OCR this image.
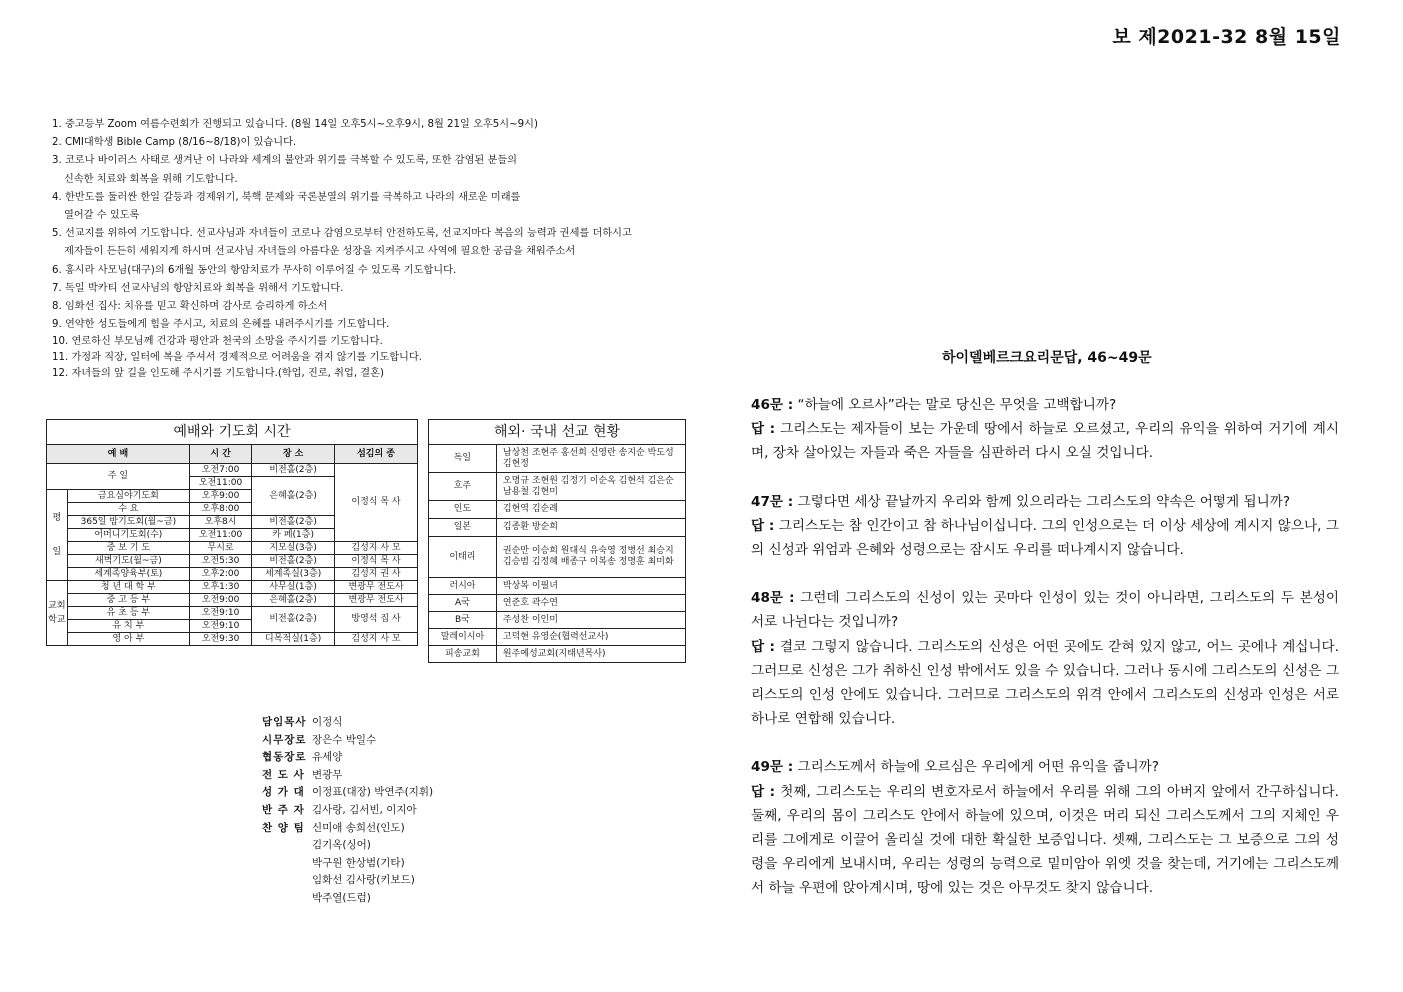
보 제2021-32 8월 15일
1. 중고등부 Zoom 여름수련회가 진행되고 있습니다. (8월 14일 오후5시~오후9시, 8월 21일 오후5시~9시)
2. CMI대학생 Bible Camp (8/16~8/18)이 있습니다.
3. 코로나 바이러스 사태로 생겨난 이 나라와 세계의 불안과 위기를 극복할 수 있도록, 또한 감염된 분들의
신속한 치료와 회복을 위해 기도합니다.
4. 한반도를 둘러싼 한일 갈등과 경제위기, 북핵 문제와 국론분열의 위기를 극복하고 나라의 새로운 미래를
열어갈 수 있도록
5. 선교지를 위하여 기도합니다. 선교사님과 자녀들이 코로나 감염으로부터 안전하도록, 선교지마다 복음의 능력과 권세를 더하시고
제자들이 든든히 세워지게 하시며 선교사님 자녀들의 아름다운 성장을 지켜주시고 사역에 필요한 공급을 채워주소서
6. 홍시라 사모님(대구)의 6개월 동안의 항암치료가 무사히 이루어질 수 있도록 기도합니다.
7. 독일 박카티 선교사님의 항암치료와 회복을 위해서 기도합니다.
8. 임화선 집사: 치유를 믿고 확신하며 감사로 승리하게 하소서
9. 연약한 성도들에게 힘을 주시고, 치료의 은혜를 내려주시기를 기도합니다.
10. 연로하신 부모님께 건강과 평안과 천국의 소망을 주시기를 기도합니다.
11. 가정과 직장, 일터에 복을 주셔서 경제적으로 어려움을 겪지 않기를 기도합니다.
12. 자녀들의 앞 길을 인도해 주시기를 기도합니다.(학업, 진로, 취업, 결혼)
예배와 기도회 시간				
예 배		시 간	장 소	섬김의 종
주 일		오전7:00	비전홀(2층)	이정식 목 사
		오전11:00	은혜홀(2층)	
평 일	금요심야기도회	오후9:00		
	수 요	오후8:00		
	365일 밤기도회(월~금)	오후8시	비전홀(2층)	
	어머니기도회(수)	오전11:00	카 페(1층)	
	중 보 기 도	무시로	지모실(3층)	김성지 사 모
	새벽기도(월~금)	오전5:30	비전홀(2층)	이정식 목 사
	세계족양육부(토)	오후2:00	세계족실(3층)	김성지 권 사
교회학교	청 년 대 학 부	오후1:30	사무실(1층)	변광무 전도사
	중 고 등 부	오전9:00	은혜홀(2층)	변광무 전도사
	유 초 등 부	오전9:10	비전홀(2층)	방영석 집 사
	유 치 부	오전9:10		
	영 아 부	오전9:30	디목적실(1층)	김성지 사 모
해외· 국내 선교 현황	
독일	남상천 조현주 홍선희 신영란 송지순 박도성 김현정
호주	오명규 조현원 김정기 이순옥 김현석 김은순 남용철 김현미
인도	김현역 김순례
일본	김종환 방순희
이태리	권순만 이승희 원대식 유숙영 정병선 최승지 김승범 김정혜 배종구 이복송 정명훈 최미화
러시아	박상복 이필녀
A국	연준호 곽수연
B국	주성찬 이인미
말레이시아	고덕현 유영순(협력선교사)
피송교회	원주예성교회(지태년목사)
담임목사 이정식
시무장로 장은수 박일수
협동장로 유세양
전 도 사 변광무
성 가 대 이정표(대장) 박연주(지휘)
반 주 자 김사랑, 김서빈, 이지아
찬 양 팀 신미애 송희선(인도)
김기옥(싱어)
박구원 한상범(기타)
임화선 김사랑(키보드)
박주열(드럼)
하이델베르크요리문답, 46~49문
46문 : “하늘에 오르사”라는 말로 당신은 무엇을 고백합니까?
답 : 그리스도는 제자들이 보는 가운데 땅에서 하늘로 오르셨고, 우리의 유익을 위하여 거기에 계시며, 장차 살아있는 자들과 죽은 자들을 심판하러 다시 오실 것입니다.
47문 : 그렇다면 세상 끝날까지 우리와 함께 있으리라는 그리스도의 약속은 어떻게 됩니까?
답 : 그리스도는 참 인간이고 참 하나님이십니다. 그의 인성으로는 더 이상 세상에 계시지 않으나, 그의 신성과 위엄과 은혜와 성령으로는 잠시도 우리를 떠나계시지 않습니다.
48문 : 그런데 그리스도의 신성이 있는 곳마다 인성이 있는 것이 아니라면, 그리스도의 두 본성이 서로 나뉜다는 것입니까?
답 : 결코 그렇지 않습니다. 그리스도의 신성은 어떤 곳에도 갇혀 있지 않고, 어느 곳에나 계십니다. 그러므로 신성은 그가 취하신 인성 밖에서도 있을 수 있습니다. 그러나 동시에 그리스도의 신성은 그리스도의 인성 안에도 있습니다. 그러므로 그리스도의 위격 안에서 그리스도의 신성과 인성은 서로 하나로 연합해 있습니다.
49문 : 그리스도께서 하늘에 오르심은 우리에게 어떤 유익을 줍니까?
답 : 첫째, 그리스도는 우리의 변호자로서 하늘에서 우리를 위해 그의 아버지 앞에서 간구하십니다. 둘째, 우리의 몸이 그리스도 안에서 하늘에 있으며, 이것은 머리 되신 그리스도께서 그의 지체인 우리를 그에게로 이끌어 올리실 것에 대한 확실한 보증입니다. 셋째, 그리스도는 그 보증으로 그의 성령을 우리에게 보내시며, 우리는 성령의 능력으로 밑미암아 위엣 것을 찾는데, 거기에는 그리스도께서 하늘 우편에 앉아계시며, 땅에 있는 것은 아무것도 찾지 않습니다.
